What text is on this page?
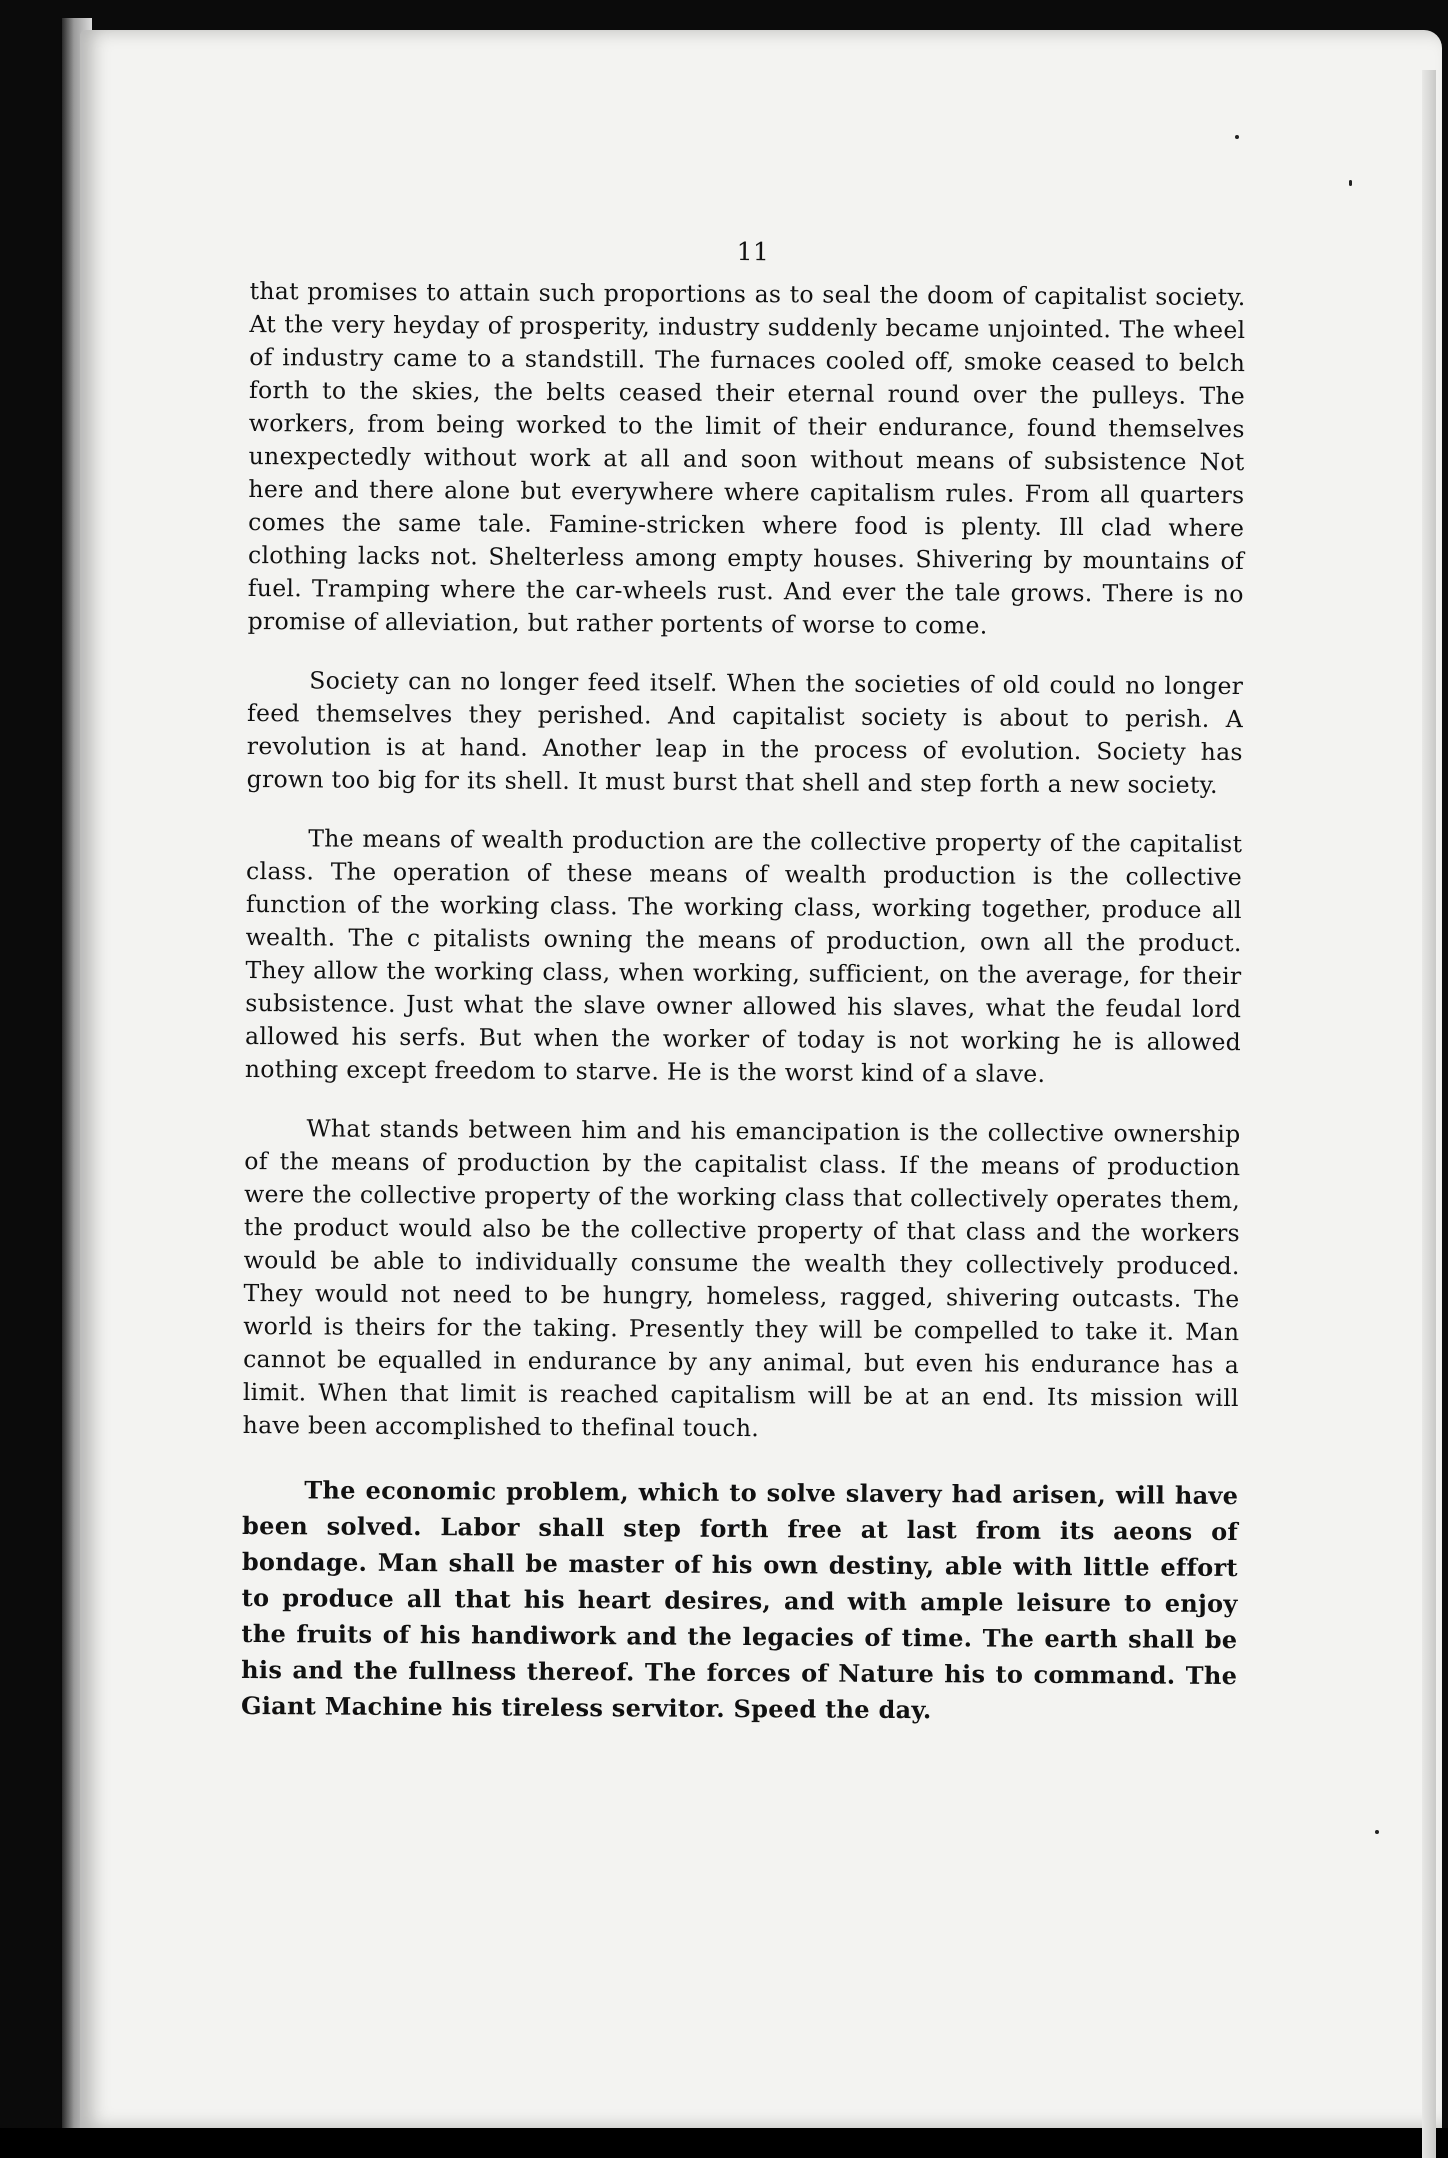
11

that promises to attain such proportions as to seal the doom of capitalist society. At the very heyday of prosperity, industry suddenly became unjointed. The wheel of industry came to a standstill. The furnaces cooled off, smoke ceased to belch forth to the skies, the belts ceased their eternal round over the pulleys. The workers, from being worked to the limit of their endurance, found themselves unexpectedly without work at all and soon without means of subsistence Not here and there alone but everywhere where capitalism rules. From all quarters comes the same tale. Famine-stricken where food is plenty. Ill clad where clothing lacks not. Shelterless among empty houses. Shivering by mountains of fuel. Tramping where the car-wheels rust. And ever the tale grows. There is no promise of alleviation, but rather portents of worse to come.

Society can no longer feed itself. When the societies of old could no longer feed themselves they perished. And capitalist society is about to perish. A revolution is at hand. Another leap in the process of evolution. Society has grown too big for its shell. It must burst that shell and step forth a new society.

The means of wealth production are the collective property of the capitalist class. The operation of these means of wealth production is the collective function of the working class. The working class, working together, produce all wealth. The c pitalists owning the means of production, own all the product. They allow the working class, when working, sufficient, on the average, for their subsistence. Just what the slave owner allowed his slaves, what the feudal lord allowed his serfs. But when the worker of today is not working he is allowed nothing except freedom to starve. He is the worst kind of a slave.

What stands between him and his emancipation is the collective ownership of the means of production by the capitalist class. If the means of production were the collective property of the working class that collectively operates them, the product would also be the collective property of that class and the workers would be able to individually consume the wealth they collectively produced. They would not need to be hungry, homeless, ragged, shivering outcasts. The world is theirs for the taking. Presently they will be compelled to take it. Man cannot be equalled in endurance by any animal, but even his endurance has a limit. When that limit is reached capitalism will be at an end. Its mission will have been accomplished to thefinal touch.

The economic problem, which to solve slavery had arisen, will have been solved. Labor shall step forth free at last from its aeons of bondage. Man shall be master of his own destiny, able with little effort to produce all that his heart desires, and with ample leisure to enjoy the fruits of his handiwork and the legacies of time. The earth shall be his and the fullness thereof. The forces of Nature his to command. The Giant Machine his tireless servitor. Speed the day.
